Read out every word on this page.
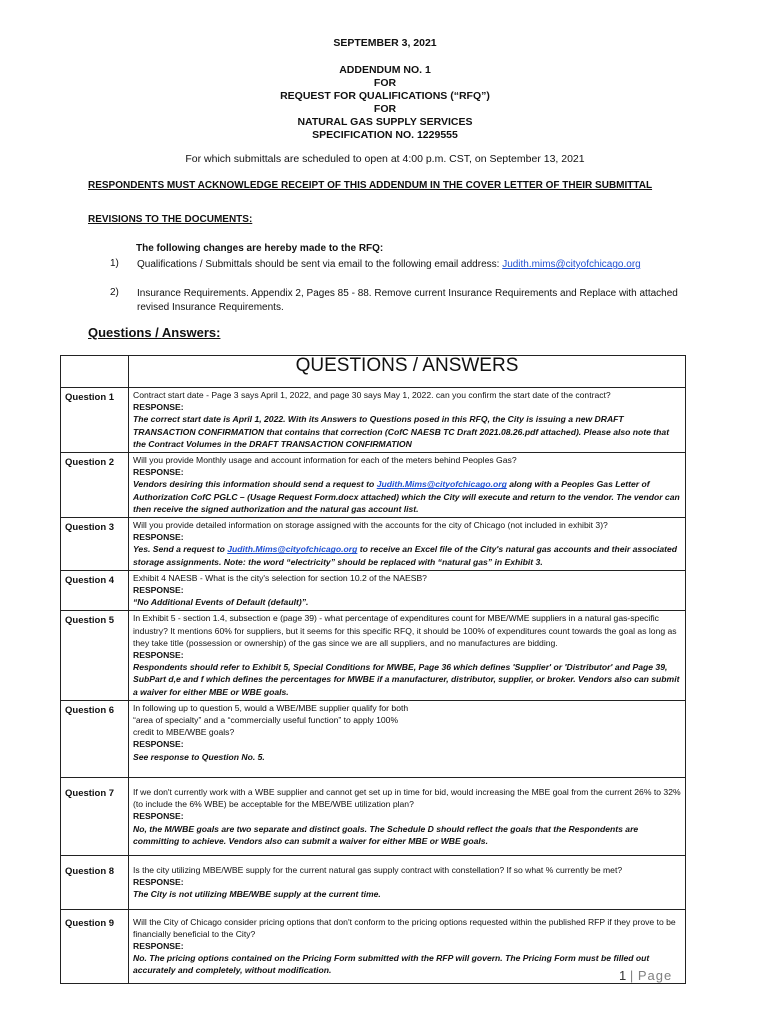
SEPTEMBER 3, 2021
ADDENDUM NO. 1
FOR
REQUEST FOR QUALIFICATIONS (“RFQ”)
FOR
NATURAL GAS SUPPLY SERVICES
SPECIFICATION NO. 1229555
For which submittals are scheduled to open at 4:00 p.m. CST, on September 13, 2021
RESPONDENTS MUST ACKNOWLEDGE RECEIPT OF THIS ADDENDUM IN THE COVER LETTER OF THEIR SUBMITTAL
REVISIONS TO THE DOCUMENTS:
The following changes are hereby made to the RFQ:
1) Qualifications / Submittals should be sent via email to the following email address: Judith.mims@cityofchicago.org
2) Insurance Requirements. Appendix 2, Pages 85 - 88. Remove current Insurance Requirements and Replace with attached revised Insurance Requirements.
Questions / Answers:
	QUESTIONS / ANSWERS
Question 1	Contract start date - Page 3 says April 1, 2022, and page 30 says May 1, 2022. can you confirm the start date of the contract?
RESPONSE:
The correct start date is April 1, 2022. With its Answers to Questions posed in this RFQ, the City is issuing a new DRAFT TRANSACTION CONFIRMATION that contains that correction (CofC NAESB TC Draft 2021.08.26.pdf attached). Please also note that the Contract Volumes in the DRAFT TRANSACTION CONFIRMATION

Question 2	Will you provide Monthly usage and account information for each of the meters behind Peoples Gas?
RESPONSE:
Vendors desiring this information should send a request to Judith.Mims@cityofchicago.org along with a Peoples Gas Letter of Authorization CofC PGLC – (Usage Request Form.docx attached) which the City will execute and return to the vendor. The vendor can then receive the signed authorization and the natural gas account list.

Question 3	Will you provide detailed information on storage assigned with the accounts for the city of Chicago (not included in exhibit 3)?
RESPONSE:
Yes. Send a request to Judith.Mims@cityofchicago.org to receive an Excel file of the City's natural gas accounts and their associated storage assignments. Note: the word “electricity” should be replaced with “natural gas” in Exhibit 3.

Question 4	Exhibit 4 NAESB - What is the city's selection for section 10.2 of the NAESB?
RESPONSE:
“No Additional Events of Default (default)”.

Question 5	In Exhibit 5 - section 1.4, subsection e (page 39) - what percentage of expenditures count for MBE/WME suppliers in a natural gas-specific industry? It mentions 60% for suppliers, but it seems for this specific RFQ, it should be 100% of expenditures count towards the goal as long as they take title (possession or ownership) of the gas since we are all suppliers, and no manufactures are bidding.
RESPONSE:
Respondents should refer to Exhibit 5, Special Conditions for MWBE, Page 36 which defines 'Supplier' or 'Distributor' and Page 39, SubPart d,e and f which defines the percentages for MWBE if a manufacturer, distributor, supplier, or broker. Vendors also can submit a waiver for either MBE or WBE goals.

Question 6	In following up to question 5, would a WBE/MBE supplier qualify for both
“area of specialty” and a “commercially useful function” to apply 100%
credit to MBE/WBE goals?
RESPONSE:
See response to Question No. 5.

Question 7	If we don't currently work with a WBE supplier and cannot get set up in time for bid, would increasing the MBE goal from the current 26% to 32% (to include the 6% WBE) be acceptable for the MBE/WBE utilization plan?
RESPONSE:
No, the M/WBE goals are two separate and distinct goals. The Schedule D should reflect the goals that the Respondents are committing to achieve. Vendors also can submit a waiver for either MBE or WBE goals.

Question 8	Is the city utilizing MBE/WBE supply for the current natural gas supply contract with constellation? If so what % currently be met?
RESPONSE:
The City is not utilizing MBE/WBE supply at the current time.

Question 9	Will the City of Chicago consider pricing options that don't conform to the pricing options requested within the published RFP if they prove to be financially beneficial to the City?
RESPONSE:
No. The pricing options contained on the Pricing Form submitted with the RFP will govern. The Pricing Form must be filled out accurately and completely, without modification.	1 | Page
